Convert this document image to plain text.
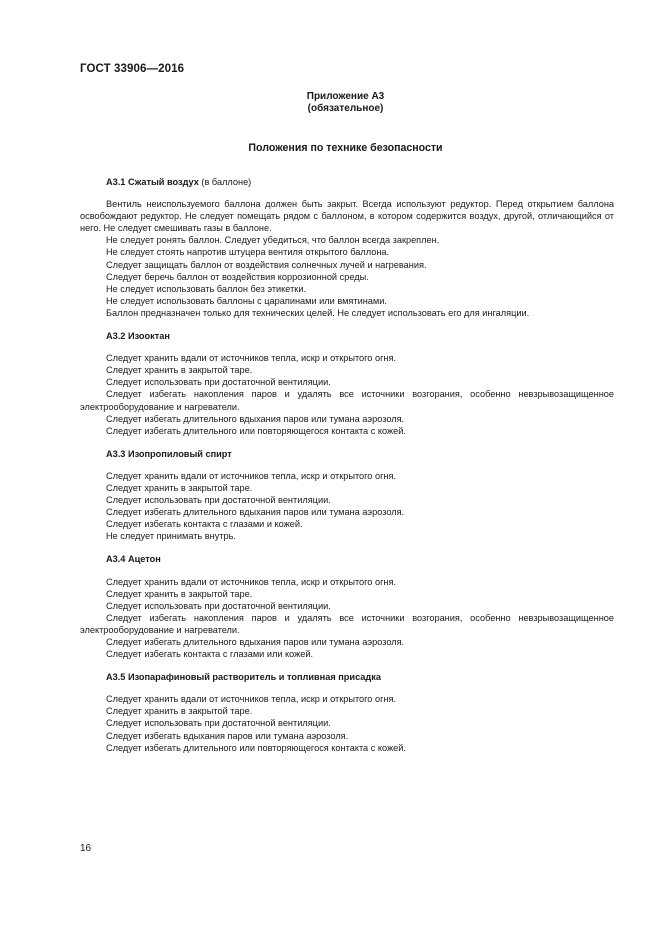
ГОСТ 33906—2016
Приложение А3
(обязательное)
Положения по технике безопасности
А3.1 Сжатый воздух (в баллоне)

Вентиль неиспользуемого баллона должен быть закрыт. Всегда используют редуктор. Перед открытием баллона освобождают редуктор. Не следует помещать рядом с баллоном, в котором содержится воздух, другой, отличающийся от него. Не следует смешивать газы в баллоне.

Не следует ронять баллон. Следует убедиться, что баллон всегда закреплен.

Не следует стоять напротив штуцера вентиля открытого баллона.

Следует защищать баллон от воздействия солнечных лучей и нагревания.

Следует беречь баллон от воздействия коррозионной среды.

Не следует использовать баллон без этикетки.

Не следует использовать баллоны с царапинами или вмятинами.

Баллон предназначен только для технических целей. Не следует использовать его для ингаляции.

А3.2 Изооктан

Следует хранить вдали от источников тепла, искр и открытого огня.

Следует хранить в закрытой таре.

Следует использовать при достаточной вентиляции.

Следует избегать накопления паров и удалять все источники возгорания, особенно невзрывозащищенное электрооборудование и нагреватели.

Следует избегать длительного вдыхания паров или тумана аэрозоля.

Следует избегать длительного или повторяющегося контакта с кожей.

А3.3 Изопропиловый спирт

Следует хранить вдали от источников тепла, искр и открытого огня.

Следует хранить в закрытой таре.

Следует использовать при достаточной вентиляции.

Следует избегать длительного вдыхания паров или тумана аэрозоля.

Следует избегать контакта с глазами и кожей.

Не следует принимать внутрь.

А3.4 Ацетон

Следует хранить вдали от источников тепла, искр и открытого огня.

Следует хранить в закрытой таре.

Следует использовать при достаточной вентиляции.

Следует избегать накопления паров и удалять все источники возгорания, особенно невзрывозащищенное электрооборудование и нагреватели.

Следует избегать длительного вдыхания паров или тумана аэрозоля.

Следует избегать контакта с глазами или кожей.

А3.5 Изопарафиновый растворитель и топливная присадка

Следует хранить вдали от источников тепла, искр и открытого огня.

Следует хранить в закрытой таре.

Следует использовать при достаточной вентиляции.

Следует избегать вдыхания паров или тумана аэрозоля.

Следует избегать длительного или повторяющегося контакта с кожей.

16
